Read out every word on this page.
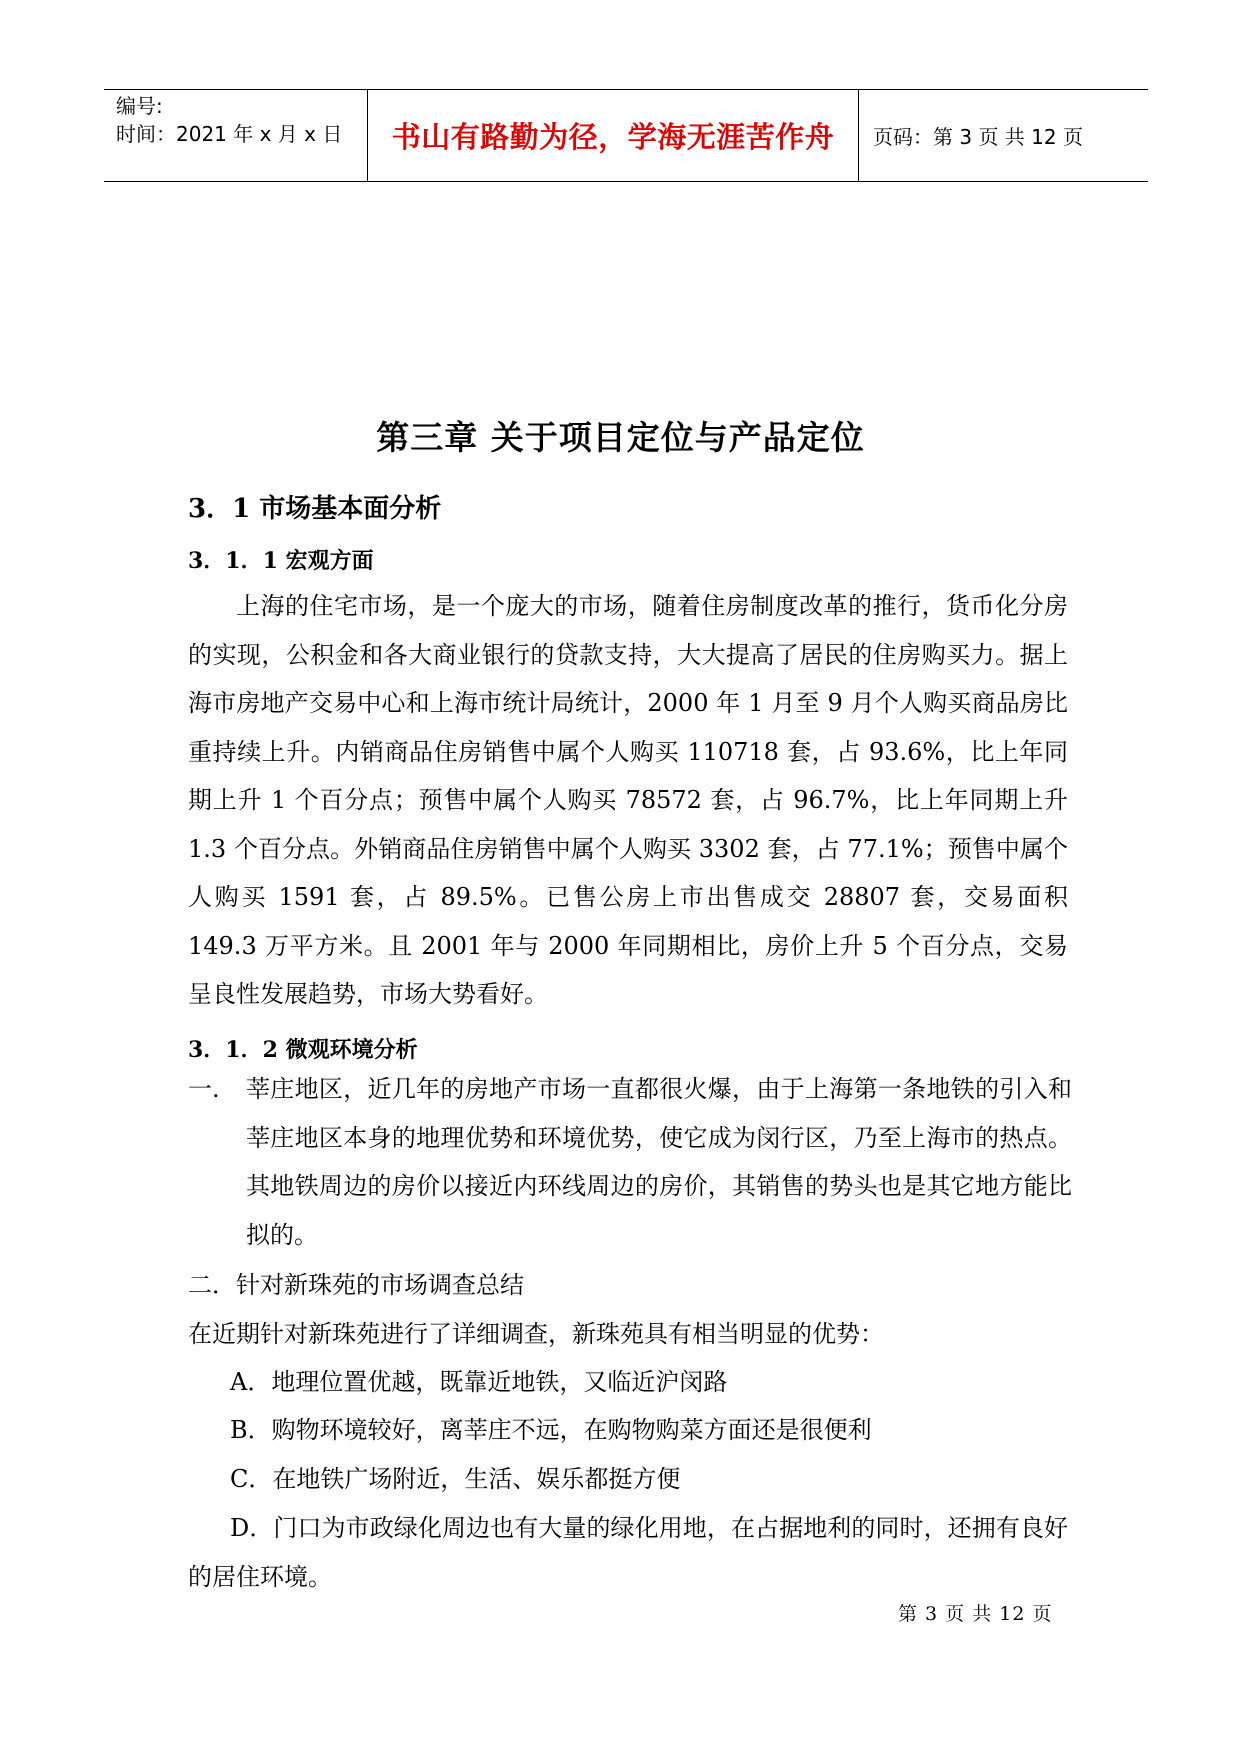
编号:
时间：2021 年 x 月 x 日 书山有路勤为径，学海无涯苦作舟	页码：第 3 页 共 12 页
第三章 关于项目定位与产品定位
3．1 市场基本面分析
3．1．1 宏观方面
上海的住宅市场，是一个庞大的市场，随着住房制度改革的推行，货币化分房的实现，公积金和各大商业银行的贷款支持，大大提高了居民的住房购买力。据上海市房地产交易中心和上海市统计局统计，2000 年 1 月至 9 月个人购买商品房比重持续上升。内销商品住房销售中属个人购买 110718 套，占 93.6%，比上年同期上升 1 个百分点；预售中属个人购买 78572 套，占 96.7%，比上年同期上升 1.3 个百分点。外销商品住房销售中属个人购买 3302 套，占 77.1%；预售中属个人购买 1591 套，占 89.5%。已售公房上市出售成交 28807 套，交易面积 149.3 万平方米。且 2001 年与 2000 年同期相比，房价上升 5 个百分点，交易呈良性发展趋势，市场大势看好。
3．1．2 微观环境分析
一. 莘庄地区，近几年的房地产市场一直都很火爆，由于上海第一条地铁的引入和莘庄地区本身的地理优势和环境优势，使它成为闵行区，乃至上海市的热点。其地铁周边的房价以接近内环线周边的房价，其销售的势头也是其它地方能比拟的。
二．针对新珠苑的市场调查总结
在近期针对新珠苑进行了详细调查，新珠苑具有相当明显的优势：
A．地理位置优越，既靠近地铁，又临近沪闵路
B．购物环境较好，离莘庄不远，在购物购菜方面还是很便利
C．在地铁广场附近，生活、娱乐都挺方便
D．门口为市政绿化周边也有大量的绿化用地，在占据地利的同时，还拥有良好的居住环境。
第 3 页 共 12 页
